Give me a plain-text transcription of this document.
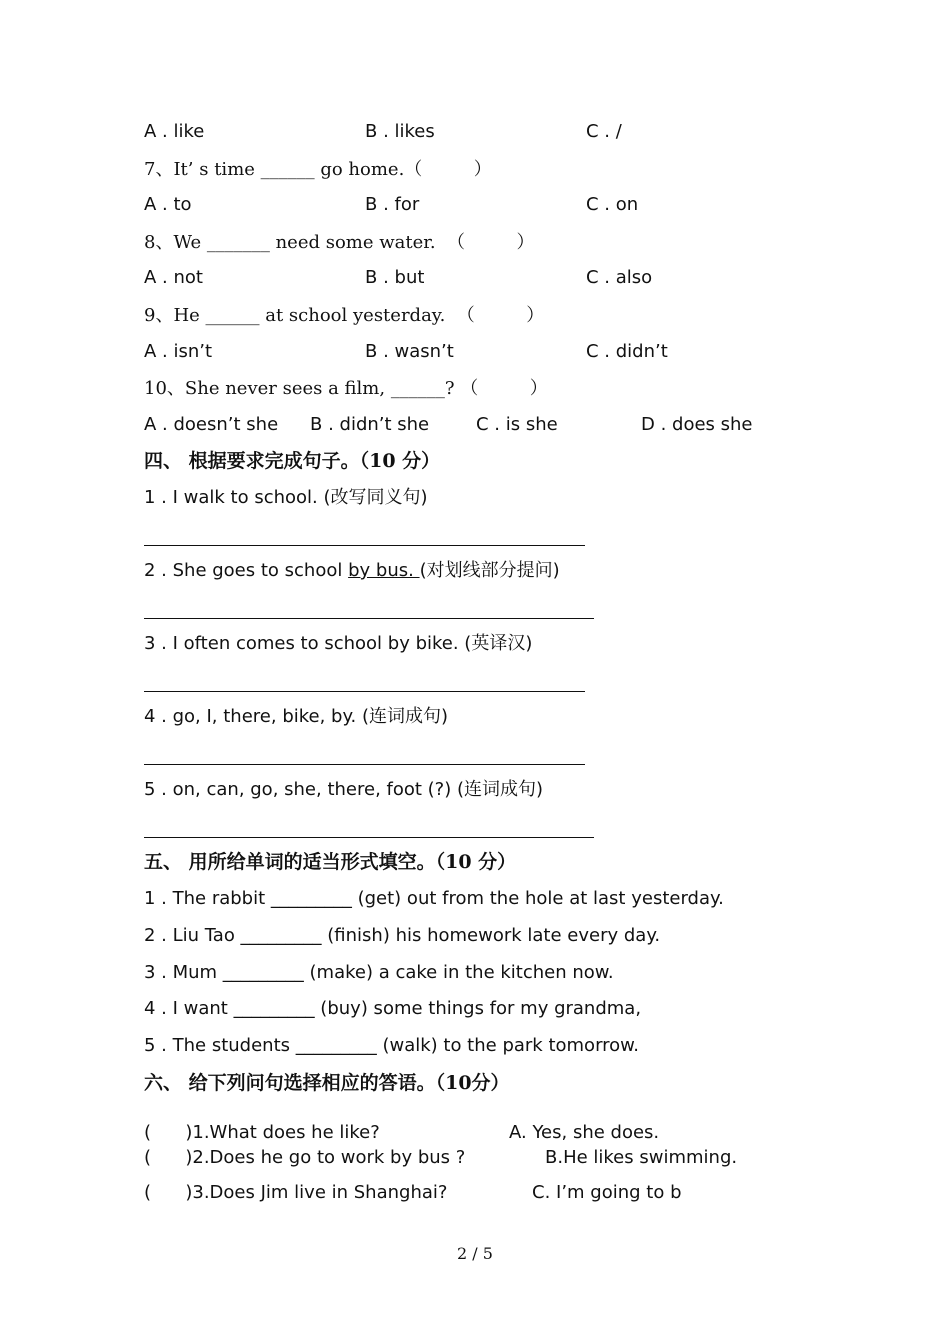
A . like	B . likes	C . /
7、It’ s time ______ go home.（         ）
A . to	B . for	C . on
8、We _______ need some water.  （         ）
A . not	B . but	C . also
9、He ______ at school yesterday.  （         ）
A . isn’t	B . wasn’t	C . didn’t
10、She never sees a film, ______? （         ）
A . doesn’t she B . didn’t she	C . is she	D . does she
四、 根据要求完成句子。（10 分）
1 . I walk to school. (改写同义句)
2 . She goes to school by bus. (对划线部分提问)
3 . I often comes to school by bike. (英译汉)
4 . go, I, there, bike, by. (连词成句)
5 . on, can, go, she, there, foot (?) (连词成句)
五、 用所给单词的适当形式填空。（10 分）
1 . The rabbit _________ (get) out from the hole at last yesterday.
2 . Liu Tao _________ (finish) his homework late every day.
3 . Mum _________ (make) a cake in the kitchen now.
4 . I want _________ (buy) some things for my grandma,
5 . The students _________ (walk) to the park tomorrow.
六、 给下列问句选择相应的答语。（10分）
(      )1.What does he like?	A. Yes, she does.
(      )2.Does he go to work by bus ?	B.He likes swimming.
(      )3.Does Jim live in Shanghai?	C. I’m going to b
2 / 5
